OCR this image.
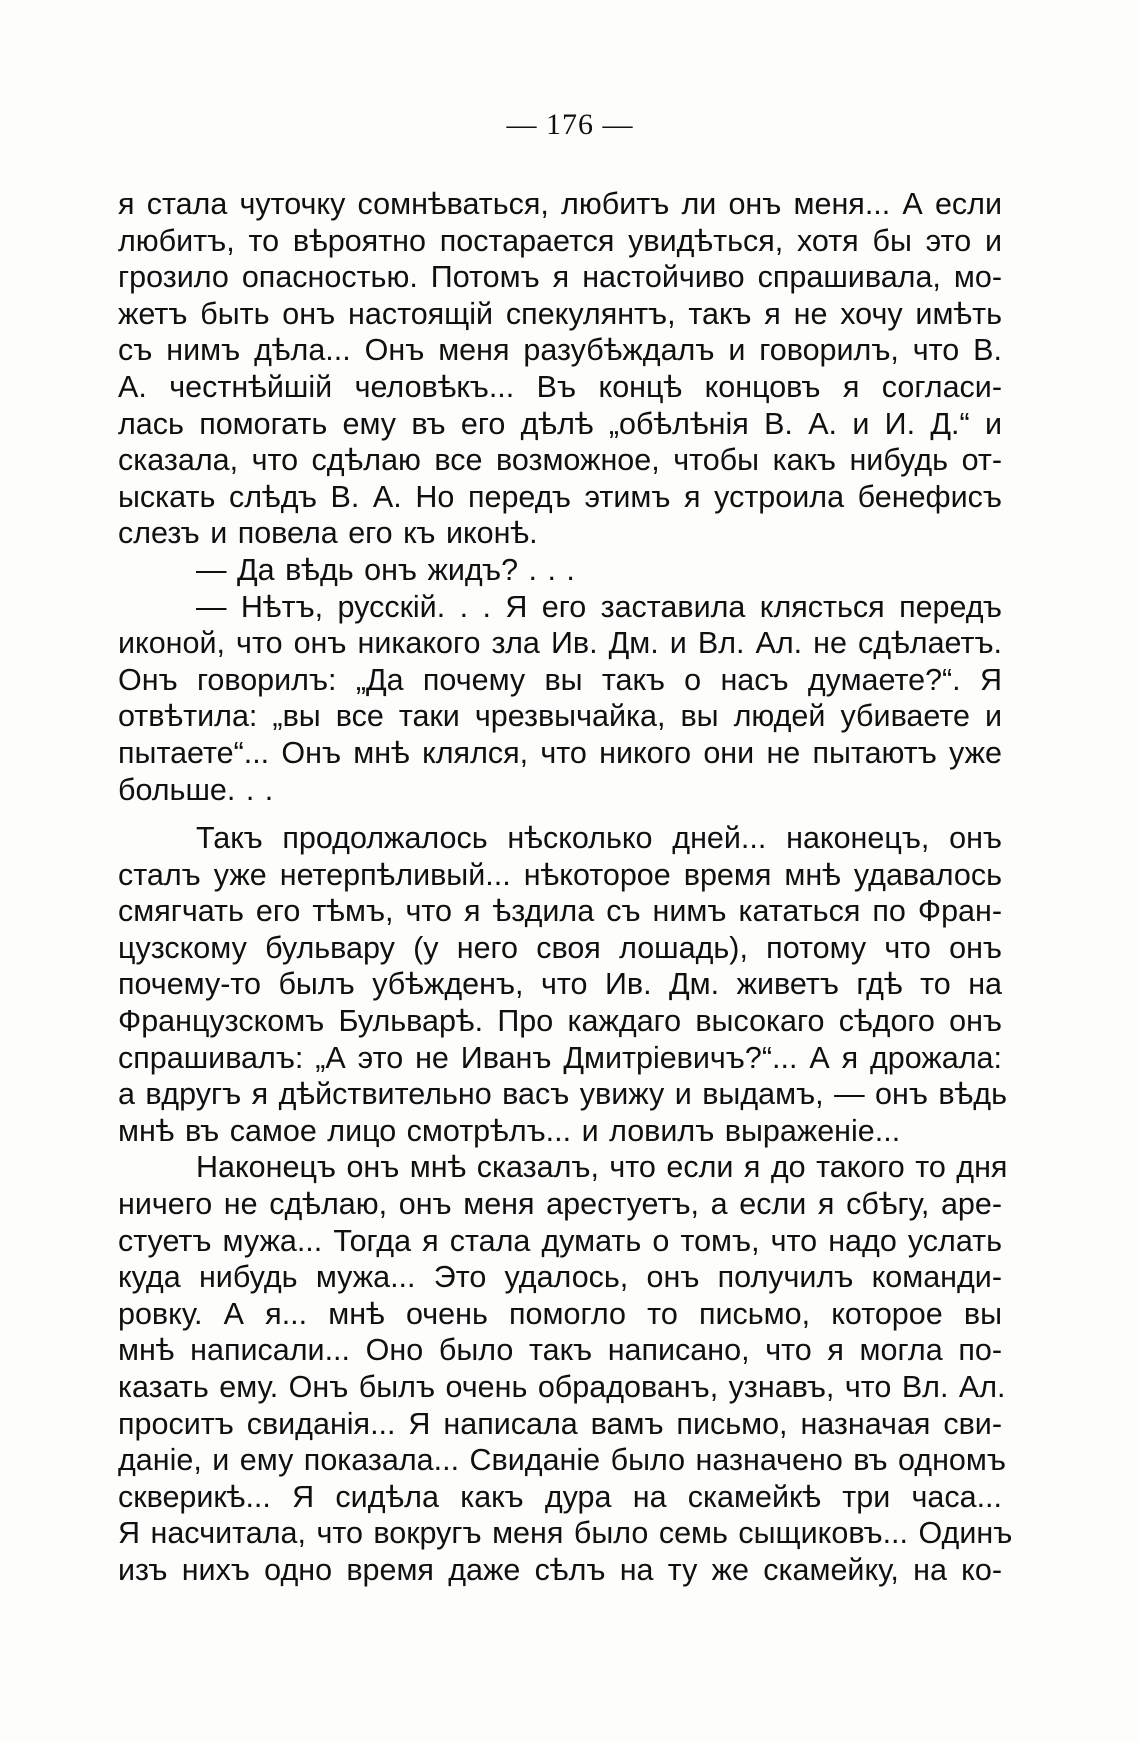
— 176 —
я стала чуточку сомнѣваться, любитъ ли онъ меня... А если
любитъ, то вѣроятно постарается увидѣться, хотя бы это и
грозило опасностью. Потомъ я настойчиво спрашивала, мо-
жетъ быть онъ настоящій спекулянтъ, такъ я не хочу имѣть
съ нимъ дѣла... Онъ меня разубѣждалъ и говорилъ, что В.
А. честнѣйшій человѣкъ... Въ концѣ концовъ я согласи-
лась помогать ему въ его дѣлѣ „обѣлѣнія В. А. и И. Д.“ и
сказала, что сдѣлаю все возможное, чтобы какъ нибудь от-
ыскать слѣдъ В. А. Но передъ этимъ я устроила бенефисъ
слезъ и повела его къ иконѣ.
— Да вѣдь онъ жидъ? . . .
— Нѣтъ, русскій. . . Я его заставила клясться передъ
иконой, что онъ никакого зла Ив. Дм. и Вл. Ал. не сдѣлаетъ.
Онъ говорилъ: „Да почему вы такъ о насъ думаете?“. Я
отвѣтила: „вы все таки чрезвычайка, вы людей убиваете и
пытаете“... Онъ мнѣ клялся, что никого они не пытаютъ уже
больше. . .
Такъ продолжалось нѣсколько дней... наконецъ, онъ
сталъ уже нетерпѣливый... нѣкоторое время мнѣ удавалось
смягчать его тѣмъ, что я ѣздила съ нимъ кататься по Фран-
цузскому бульвару (у него своя лошадь), потому что онъ
почему-то былъ убѣжденъ, что Ив. Дм. живетъ гдѣ то на
Французскомъ Бульварѣ. Про каждаго высокаго сѣдого онъ
спрашивалъ: „А это не Иванъ Дмитріевичъ?“... А я дрожала:
а вдругъ я дѣйствительно васъ увижу и выдамъ, — онъ вѣдь
мнѣ въ самое лицо смотрѣлъ... и ловилъ выраженіе...
Наконецъ онъ мнѣ сказалъ, что если я до такого то дня
ничего не сдѣлаю, онъ меня арестуетъ, а если я сбѣгу, аре-
стуетъ мужа... Тогда я стала думать о томъ, что надо услать
куда нибудь мужа... Это удалось, онъ получилъ команди-
ровку. А я... мнѣ очень помогло то письмо, которое вы
мнѣ написали... Оно было такъ написано, что я могла по-
казать ему. Онъ былъ очень обрадованъ, узнавъ, что Вл. Ал.
проситъ свиданія... Я написала вамъ письмо, назначая сви-
даніе, и ему показала... Свиданіе было назначено въ одномъ
скверикѣ... Я сидѣла какъ дура на скамейкѣ три часа...
Я насчитала, что вокругъ меня было семь сыщиковъ... Одинъ
изъ нихъ одно время даже сѣлъ на ту же скамейку, на ко-
